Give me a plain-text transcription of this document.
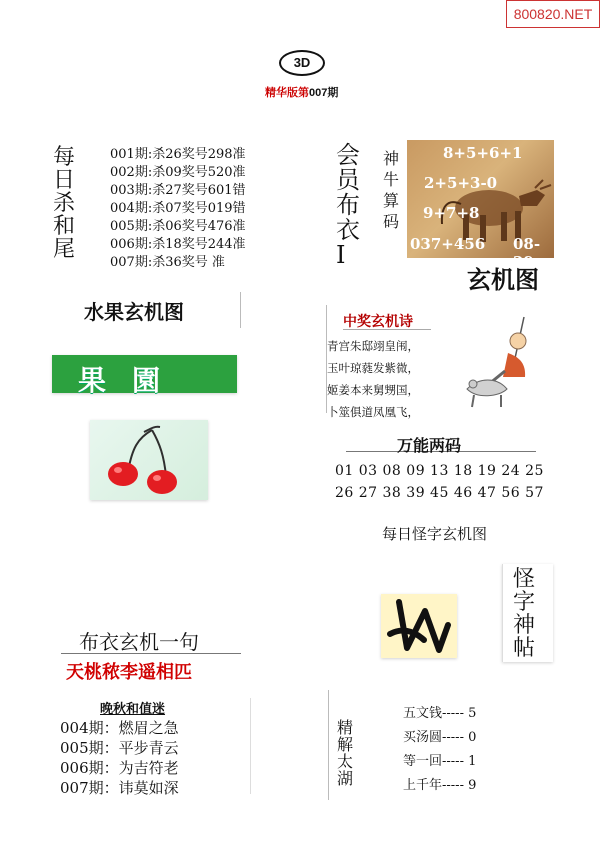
800820.NET
3D
精华版第007期
每
日
杀
和
尾
001期:杀26奖号298准
002期:杀09奖号520准
003期:杀27奖号601错
004期:杀07奖号019错
005期:杀06奖号476准
006期:杀18奖号244准
007期:杀36奖号 准
水果玄机图
果園
布衣玄机一句
天桃秾李遥相匹
晚秋和值迷
004期：燃眉之急
005期：平步青云
006期：为吉符老
007期：讳莫如深
会
员
布
衣
I
神
牛
算
码
8+5+6+1
2+5+3-0
9+7+8
037+456 08-29
玄机图
中奖玄机诗
青宫朱邸翊皇闱，
玉叶琼蕤发紫微，
姬姜本来舅甥国，
卜筮俱道凤凰飞，
万能两码
01 03 08 09 13 18 19 24 25
26 27 38 39 45 46 47 56 57
每日怪字玄机图
怪
字
神
帖
精
解
太
湖
五文钱----- 5
买汤圆----- 0
等一回----- 1
上千年----- 9
